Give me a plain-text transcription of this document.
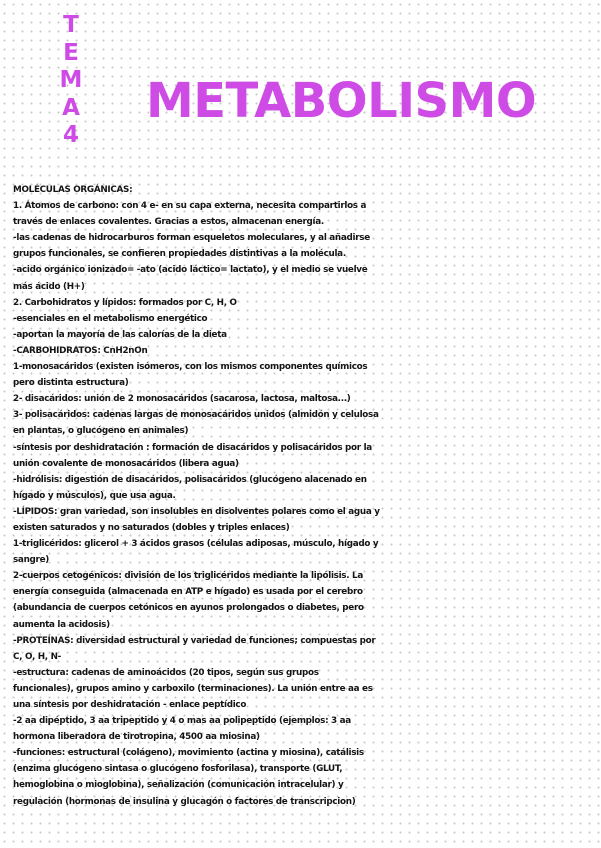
T
E
M
A
4
METABOLISMO
MOLÉCULAS ORGÁNICAS:
1. Átomos de carbono: con 4 e- en su capa externa, necesita compartirlos a
través de enlaces covalentes. Gracias a estos, almacenan energía.
-las cadenas de hidrocarburos forman esqueletos moleculares, y al añadirse
grupos funcionales, se confieren propiedades distintivas a la molécula.
-acido orgánico ionizado= -ato (acido láctico= lactato), y el medio se vuelve
más ácido (H+)
2. Carbohidratos y lípidos: formados por C, H, O
-esenciales en el metabolismo energético
-aportan la mayoría de las calorías de la dieta
-CARBOHIDRATOS: CnH2nOn
1-monosacáridos (existen isómeros, con los mismos componentes químicos
pero distinta estructura)
2- disacáridos: unión de 2 monosacáridos (sacarosa, lactosa, maltosa...)
3- polisacáridos: cadenas largas de monosacáridos unidos (almidón y celulosa
en plantas, o glucógeno en animales)
-síntesis por deshidratación : formación de disacáridos y polisacáridos por la
unión covalente de monosacáridos (libera agua)
-hidrólisis: digestión de disacáridos, polisacáridos (glucógeno alacenado en
hígado y músculos), que usa agua.
-LÍPIDOS: gran variedad, son insolubles en disolventes polares como el agua y
existen saturados y no saturados (dobles y triples enlaces)
1-triglicéridos: glicerol + 3 ácidos grasos (células adiposas, músculo, hígado y
sangre)
2-cuerpos cetogénicos: división de los triglicéridos mediante la lipólisis. La
energía conseguida (almacenada en ATP e hígado) es usada por el cerebro
(abundancia de cuerpos cetónicos en ayunos prolongados o diabetes, pero
aumenta la acidosis)
-PROTEÍNAS: diversidad estructural y variedad de funciones; compuestas por
C, O, H, N-
-estructura: cadenas de aminoácidos (20 tipos, según sus grupos
funcionales), grupos amino y carboxilo (terminaciones). La unión entre aa es
una síntesis por deshidratación - enlace peptídico
-2 aa dipéptido, 3 aa tripeptido y 4 o mas aa polipeptido (ejemplos: 3 aa
hormona liberadora de tirotropina, 4500 aa miosina)
-funciones: estructural (colágeno), movimiento (actina y miosina), catálisis
(enzima glucógeno sintasa o glucógeno fosforilasa), transporte (GLUT,
hemoglobina o mioglobina), señalización (comunicación intracelular) y
regulación (hormonas de insulina y glucagón o factores de transcripcion)
